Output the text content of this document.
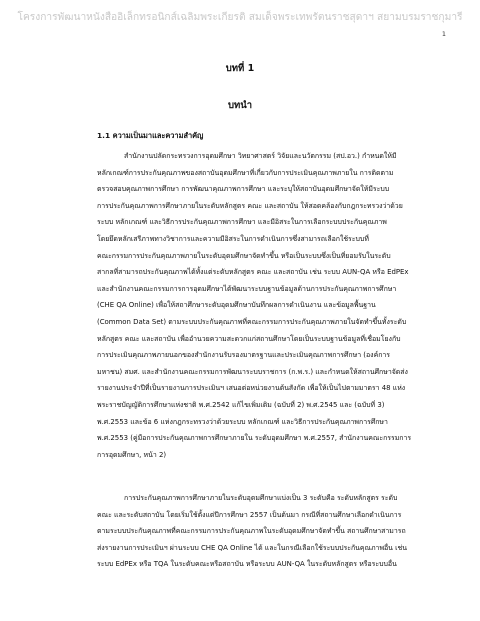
โครงการพัฒนาหนังสืออิเล็กทรอนิกส์เฉลิมพระเกียรติ สมเด็จพระเทพรัตนราชสุดาฯ สยามบรมราชกุมารี
1
บทที่ 1
บทนำ
1.1 ความเป็นมาและความสำคัญ
สำนักงานปลัดกระทรวงการอุดมศึกษา วิทยาศาสตร์ วิจัยและนวัตกรรม (สป.อว.) กำหนดให้มี
หลักเกณฑ์การประกันคุณภาพของสถาบันอุดมศึกษาที่เกี่ยวกับการประเมินคุณภาพภายใน การติดตาม
ตรวจสอบคุณภาพการศึกษา การพัฒนาคุณภาพการศึกษา และระบุให้สถาบันอุดมศึกษาจัดให้มีระบบ
การประกันคุณภาพการศึกษาภายในระดับหลักสูตร คณะ และสถาบัน ให้สอดคล้องกับกฎกระทรวงว่าด้วย
ระบบ หลักเกณฑ์ และวิธีการประกันคุณภาพการศึกษา และมีอิสระในการเลือกระบบประกันคุณภาพ
โดยยึดหลักเสรีภาพทางวิชาการและความมีอิสระในการดำเนินการซึ่งสามารถเลือกใช้ระบบที่
คณะกรรมการประกันคุณภาพภายในระดับอุดมศึกษาจัดทำขึ้น หรือเป็นระบบซึ่งเป็นที่ยอมรับในระดับ
สากลที่สามารถประกันคุณภาพได้ทั้งแต่ระดับหลักสูตร คณะ และสถาบัน เช่น ระบบ AUN-QA หรือ EdPEx
และสำนักงานคณะกรรมการการอุดมศึกษาได้พัฒนาระบบฐานข้อมูลด้านการประกันคุณภาพการศึกษา
(CHE QA Online) เพื่อให้สถาศึกษาระดับอุดมศึกษาบันทึกผลการดำเนินงาน และข้อมูลพื้นฐาน
(Common Data Set) ตามระบบประกันคุณภาพที่คณะกรรมการประกันคุณภาพภายในจัดทำขึ้นทั้งระดับ
หลักสูตร คณะ และสถาบัน เพื่ออำนวยความสะดวกแก่สถานศึกษาโดยเป็นระบบฐานข้อมูลที่เชื่อมโยงกับ
การประเมินคุณภาพภายนอกของสำนักงานรับรองมาตรฐานและประเมินคุณภาพการศึกษา (องค์การ
มหาชน) สมศ. และสำนักงานคณะกรรมการพัฒนาระบบราชการ (ก.พ.ร.) และกำหนดให้สถานศึกษาจัดส่ง
รายงานประจำปีที่เป็นรายงานการประเมินฯ เสนอต่อหน่วยงานต้นสังกัด เพื่อให้เป็นไปตามมาตรา 48 แห่ง
พระราชบัญญัติการศึกษาแห่งชาติ พ.ศ.2542 แก้ไขเพิ่มเติม (ฉบับที่ 2) พ.ศ.2545 และ (ฉบับที่ 3)
พ.ศ.2553 และข้อ 6 แห่งกฎกระทรวงว่าด้วยระบบ หลักเกณฑ์ และวิธีการประกันคุณภาพการศึกษา
พ.ศ.2553 (คู่มือการประกันคุณภาพการศึกษาภายใน ระดับอุดมศึกษา พ.ศ.2557, สำนักงานคณะกรรมการ
การอุดมศึกษา, หน้า 2)
การประกันคุณภาพการศึกษาภายในระดับอุดมศึกษาแบ่งเป็น 3 ระดับคือ ระดับหลักสูตร ระดับ
คณะ และระดับสถาบัน โดยเริ่มใช้ตั้งแต่ปีการศึกษา 2557 เป็นต้นมา กรณีที่สถานศึกษาเลือกดำเนินการ
ตามระบบประกันคุณภาพที่คณะกรรมการประกันคุณภาพในระดับอุดมศึกษาจัดทำขึ้น สถานศึกษาสามารถ
ส่งรายงานการประเมินฯ ผ่านระบบ CHE QA Online ได้ และในกรณีเลือกใช้ระบบประกันคุณภาพอื่น เช่น
ระบบ EdPEx หรือ TQA ในระดับคณะหรือสถาบัน หรือระบบ AUN-QA ในระดับหลักสูตร หรือระบบอื่น
